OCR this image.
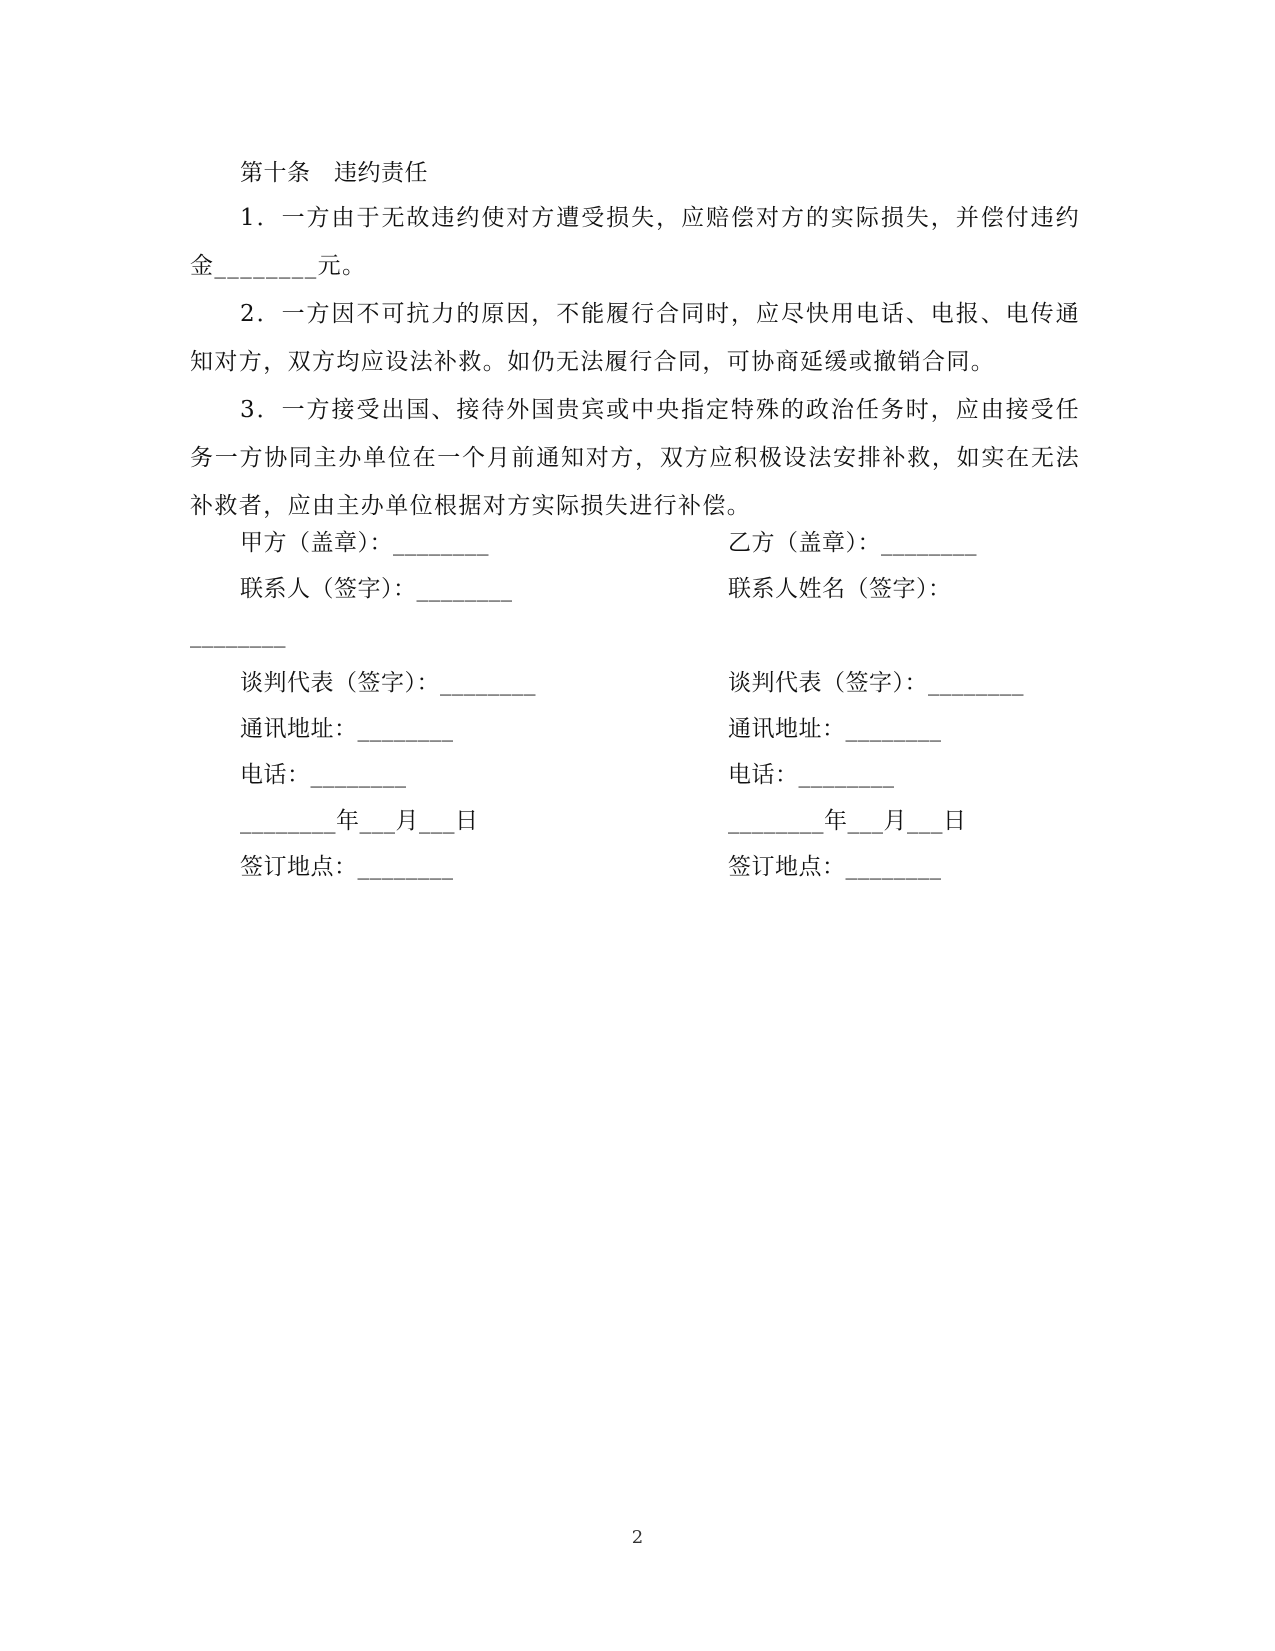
第十条　违约责任
1．一方由于无故违约使对方遭受损失，应赔偿对方的实际损失，并偿付违约金________元。
2．一方因不可抗力的原因，不能履行合同时，应尽快用电话、电报、电传通知对方，双方均应设法补救。如仍无法履行合同，可协商延缓或撤销合同。
3．一方接受出国、接待外国贵宾或中央指定特殊的政治任务时，应由接受任务一方协同主办单位在一个月前通知对方，双方应积极设法安排补救，如实在无法补救者，应由主办单位根据对方实际损失进行补偿。
甲方（盖章）：________
联系人（签字）：________
谈判代表（签字）：________
通讯地址：________
电话：________
________年___月___日
签订地点：________
乙方（盖章）：________
联系人姓名（签字）：
________
谈判代表（签字）：________
通讯地址：________
电话：________
________年___月___日
签订地点：________
2
